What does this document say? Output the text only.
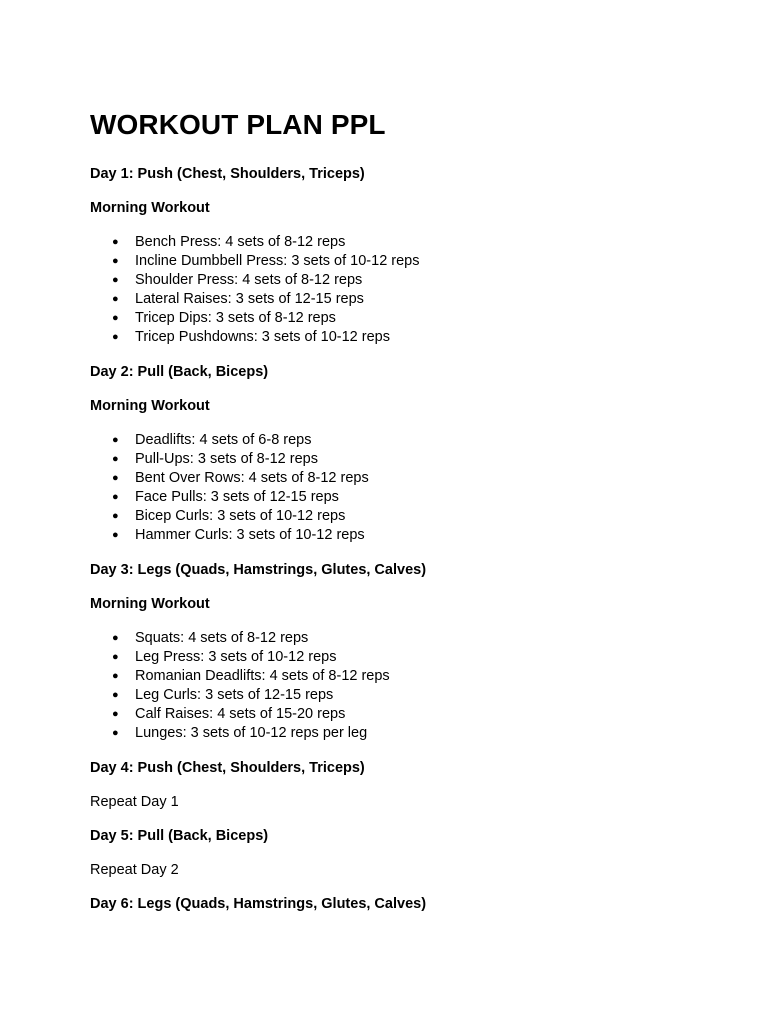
WORKOUT PLAN PPL
Day 1: Push (Chest, Shoulders, Triceps)
Morning Workout
● Bench Press: 4 sets of 8-12 reps
● Incline Dumbbell Press: 3 sets of 10-12 reps
● Shoulder Press: 4 sets of 8-12 reps
● Lateral Raises: 3 sets of 12-15 reps
● Tricep Dips: 3 sets of 8-12 reps
● Tricep Pushdowns: 3 sets of 10-12 reps
Day 2: Pull (Back, Biceps)
Morning Workout
● Deadlifts: 4 sets of 6-8 reps
● Pull-Ups: 3 sets of 8-12 reps
● Bent Over Rows: 4 sets of 8-12 reps
● Face Pulls: 3 sets of 12-15 reps
● Bicep Curls: 3 sets of 10-12 reps
● Hammer Curls: 3 sets of 10-12 reps
Day 3: Legs (Quads, Hamstrings, Glutes, Calves)
Morning Workout
● Squats: 4 sets of 8-12 reps
● Leg Press: 3 sets of 10-12 reps
● Romanian Deadlifts: 4 sets of 8-12 reps
● Leg Curls: 3 sets of 12-15 reps
● Calf Raises: 4 sets of 15-20 reps
● Lunges: 3 sets of 10-12 reps per leg
Day 4: Push (Chest, Shoulders, Triceps)
Repeat Day 1
Day 5: Pull (Back, Biceps)
Repeat Day 2
Day 6: Legs (Quads, Hamstrings, Glutes, Calves)
